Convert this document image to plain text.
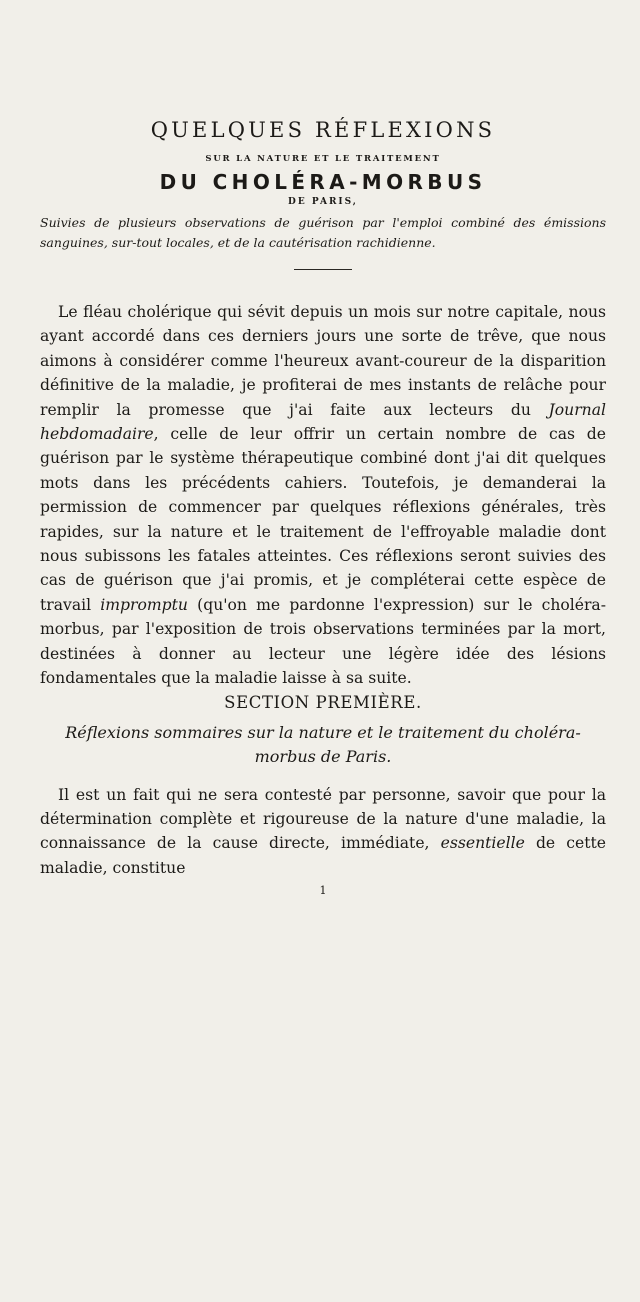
QUELQUES RÉFLEXIONS
SUR LA NATURE ET LE TRAITEMENT
DU CHOLÉRA-MORBUS
DE PARIS,

Suivies de plusieurs observations de guérison par l'emploi combiné des émissions sanguines, sur-tout locales, et de la cautérisation rachidienne.

Le fléau cholérique qui sévit depuis un mois sur notre capitale, nous ayant accordé dans ces derniers jours une sorte de trêve, que nous aimons à considérer comme l'heureux avant-coureur de la disparition définitive de la maladie, je profiterai de mes instants de relâche pour remplir la promesse que j'ai faite aux lecteurs du Journal hebdomadaire, celle de leur offrir un certain nombre de cas de guérison par le système thérapeutique combiné dont j'ai dit quelques mots dans les précédents cahiers. Toutefois, je demanderai la permission de commencer par quelques réflexions générales, très rapides, sur la nature et le traitement de l'effroyable maladie dont nous subissons les fatales atteintes. Ces réflexions seront suivies des cas de guérison que j'ai promis, et je compléterai cette espèce de travail impromptu (qu'on me pardonne l'expression) sur le choléra-morbus, par l'exposition de trois observations terminées par la mort, destinées à donner au lecteur une légère idée des lésions fondamentales que la maladie laisse à sa suite.

SECTION PREMIÈRE.
Réflexions sommaires sur la nature et le traitement du choléra-morbus de Paris.

Il est un fait qui ne sera contesté par personne, savoir que pour la détermination complète et rigoureuse de la nature d'une maladie, la connaissance de la cause directe, immédiate, essentielle de cette maladie, constitue

1
